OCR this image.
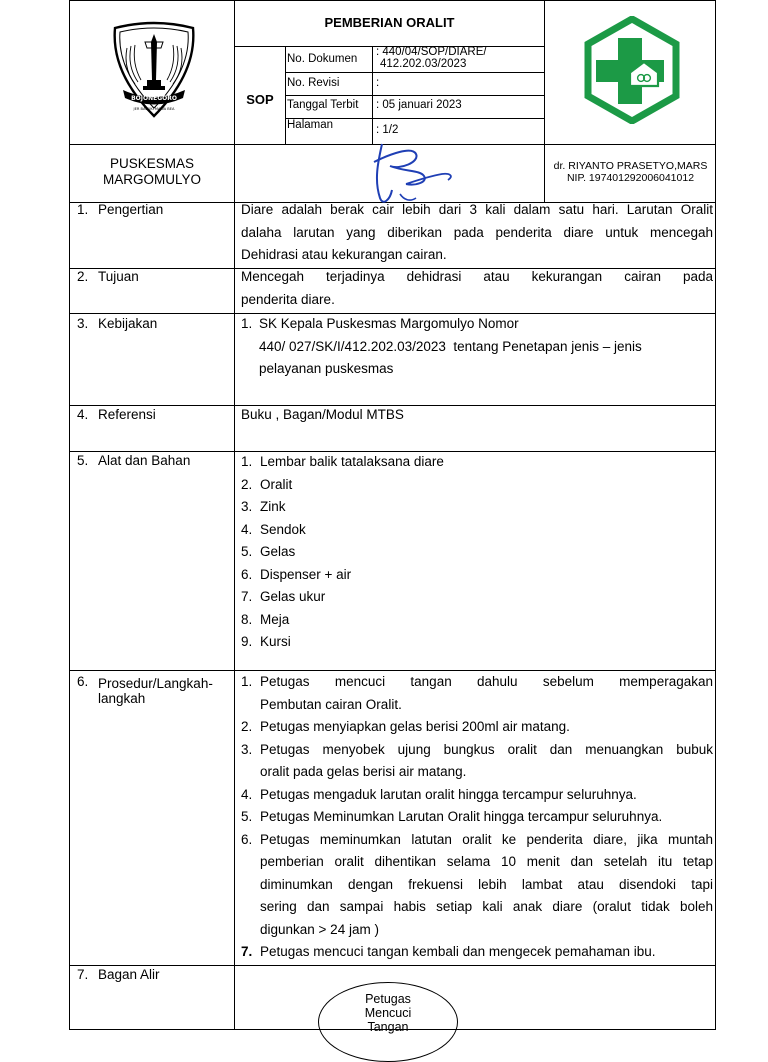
BOJONEGORO
JER BASUKI MAWA BEA
PEMBERIAN ORALIT
SOP
No. Dokumen
: 440/04/SOP/DIARE/
412.202.03/2023
No. Revisi	:
Tanggal Terbit : 05 januari 2023
Halaman	: 1/2
PUSKESMAS
MARGOMULYO
dr. RIYANTO PRASETYO,MARS
NIP. 197401292006041012
1. Pengertian	Diare adalah berak cair lebih dari 3 kali dalam satu hari. Larutan Oralit
dalaha larutan yang diberikan pada penderita diare untuk mencegah
Dehidrasi atau kekurangan cairan.
2. Tujuan	Mencegah terjadinya dehidrasi atau kekurangan cairan pada
penderita diare.
3. Kebijakan	1. SK Kepala Puskesmas Margomulyo Nomor
440/ 027/SK/I/412.202.03/2023  tentang Penetapan jenis – jenis
pelayanan puskesmas
4. Referensi	Buku , Bagan/Modul MTBS
5. Alat dan Bahan	1. Lembar balik tatalaksana diare
2. Oralit
3. Zink
4. Sendok
5. Gelas
6. Dispenser + air
7. Gelas ukur
8. Meja
9. Kursi
6. Prosedur/Langkah-
langkah
1. Petugas mencuci tangan dahulu sebelum memperagakan
Pembutan cairan Oralit.
2. Petugas menyiapkan gelas berisi 200ml air matang.
3. Petugas menyobek ujung bungkus oralit dan menuangkan bubuk
oralit pada gelas berisi air matang.
4. Petugas mengaduk larutan oralit hingga tercampur seluruhnya.
5. Petugas Meminumkan Larutan Oralit hingga tercampur seluruhnya.
6. Petugas meminumkan latutan oralit ke penderita diare, jika muntah
pemberian oralit dihentikan selama 10 menit dan setelah itu tetap
diminumkan dengan frekuensi lebih lambat atau disendoki tapi
sering dan sampai habis setiap kali anak diare (oralut tidak boleh
digunkan > 24 jam )
7. Petugas mencuci tangan kembali dan mengecek pemahaman ibu.
7. Bagan Alir
Petugas
Mencuci
Tangan
